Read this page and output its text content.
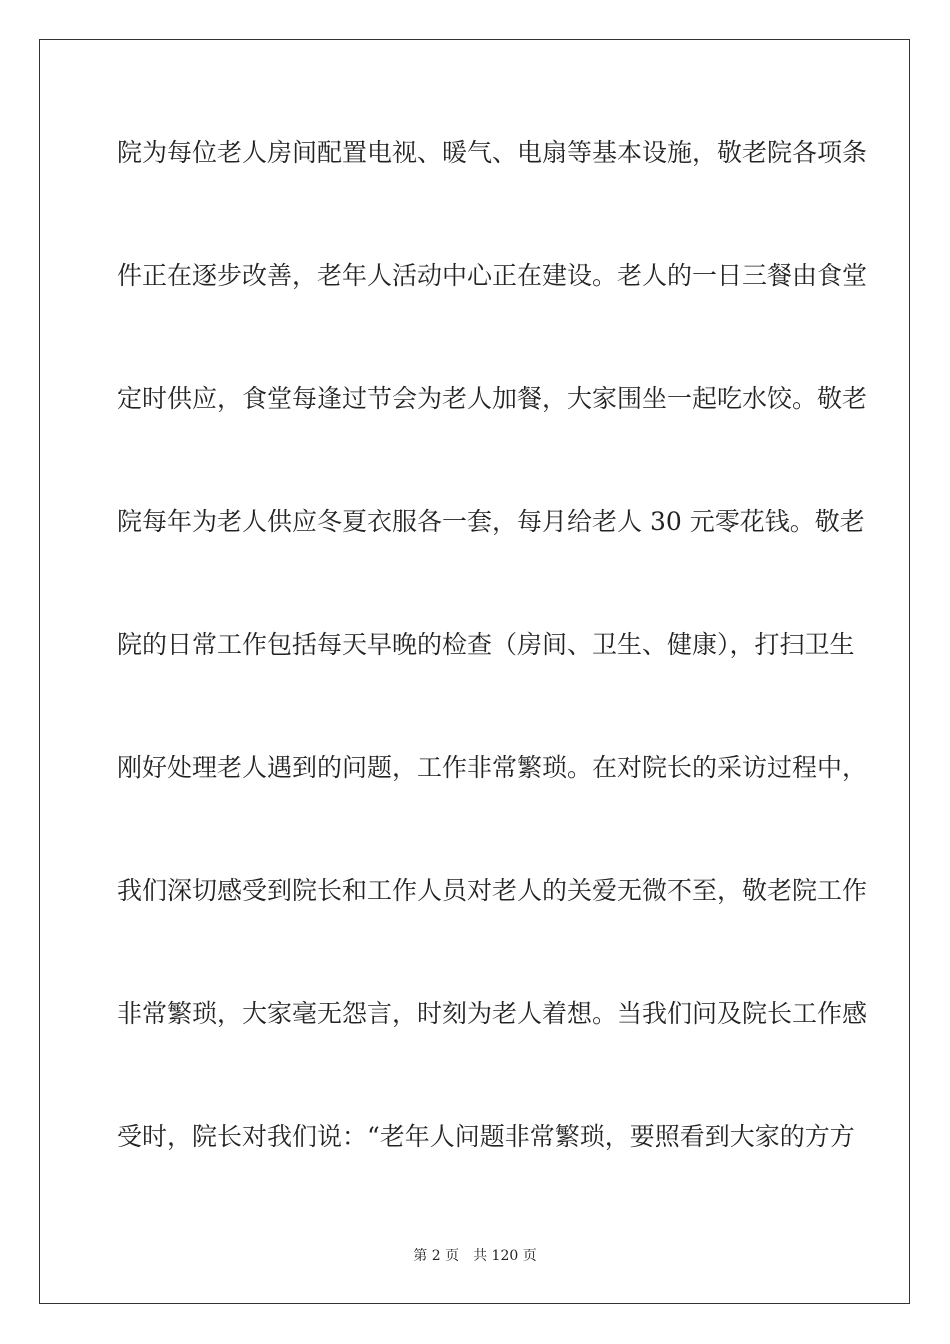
院为每位老人房间配置电视、暖气、电扇等基本设施，敬老院各项条
件正在逐步改善，老年人活动中心正在建设。老人的一日三餐由食堂
定时供应，食堂每逢过节会为老人加餐，大家围坐一起吃水饺。敬老
院每年为老人供应冬夏衣服各一套，每月给老人 30 元零花钱。敬老
院的日常工作包括每天早晚的检查（房间、卫生、健康），打扫卫生
刚好处理老人遇到的问题，工作非常繁琐。在对院长的采访过程中，
我们深切感受到院长和工作人员对老人的关爱无微不至，敬老院工作
非常繁琐，大家毫无怨言，时刻为老人着想。当我们问及院长工作感
受时，院长对我们说：“老年人问题非常繁琐，要照看到大家的方方
第 2 页 共 120 页
